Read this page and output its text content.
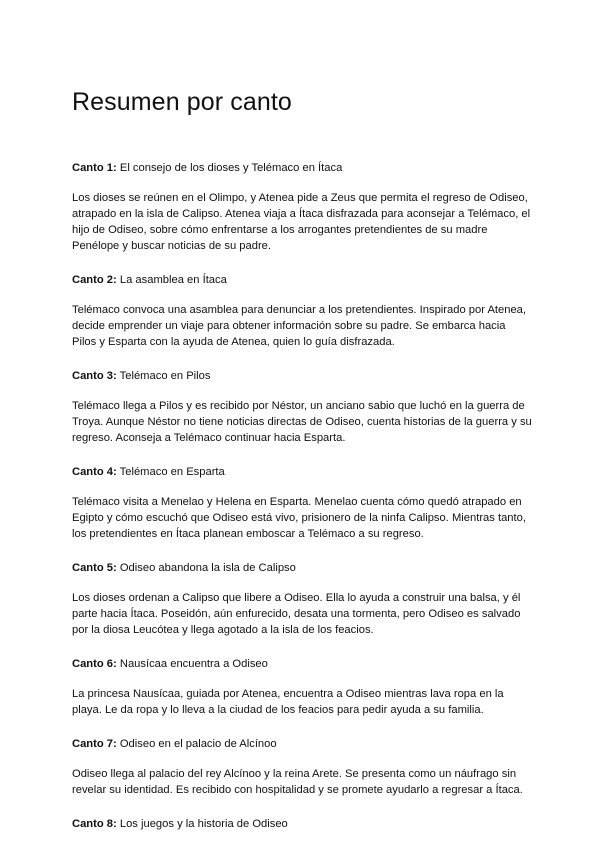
Resumen por canto

Canto 1: El consejo de los dioses y Telémaco en Ítaca

Los dioses se reúnen en el Olimpo, y Atenea pide a Zeus que permita el regreso de Odiseo, atrapado en la isla de Calipso. Atenea viaja a Ítaca disfrazada para aconsejar a Telémaco, el hijo de Odiseo, sobre cómo enfrentarse a los arrogantes pretendientes de su madre Penélope y buscar noticias de su padre.

Canto 2: La asamblea en Ítaca

Telémaco convoca una asamblea para denunciar a los pretendientes. Inspirado por Atenea, decide emprender un viaje para obtener información sobre su padre. Se embarca hacia Pilos y Esparta con la ayuda de Atenea, quien lo guía disfrazada.

Canto 3: Telémaco en Pilos

Telémaco llega a Pilos y es recibido por Néstor, un anciano sabio que luchó en la guerra de Troya. Aunque Néstor no tiene noticias directas de Odiseo, cuenta historias de la guerra y su regreso. Aconseja a Telémaco continuar hacia Esparta.

Canto 4: Telémaco en Esparta

Telémaco visita a Menelao y Helena en Esparta. Menelao cuenta cómo quedó atrapado en Egipto y cómo escuchó que Odiseo está vivo, prisionero de la ninfa Calipso. Mientras tanto, los pretendientes en Ítaca planean emboscar a Telémaco a su regreso.

Canto 5: Odiseo abandona la isla de Calipso

Los dioses ordenan a Calipso que libere a Odiseo. Ella lo ayuda a construir una balsa, y él parte hacia Ítaca. Poseidón, aún enfurecido, desata una tormenta, pero Odiseo es salvado por la diosa Leucótea y llega agotado a la isla de los feacios.

Canto 6: Nausícaa encuentra a Odiseo

La princesa Nausícaa, guiada por Atenea, encuentra a Odiseo mientras lava ropa en la playa. Le da ropa y lo lleva a la ciudad de los feacios para pedir ayuda a su familia.

Canto 7: Odiseo en el palacio de Alcínoo

Odiseo llega al palacio del rey Alcínoo y la reina Arete. Se presenta como un náufrago sin revelar su identidad. Es recibido con hospitalidad y se promete ayudarlo a regresar a Ítaca.

Canto 8: Los juegos y la historia de Odiseo
